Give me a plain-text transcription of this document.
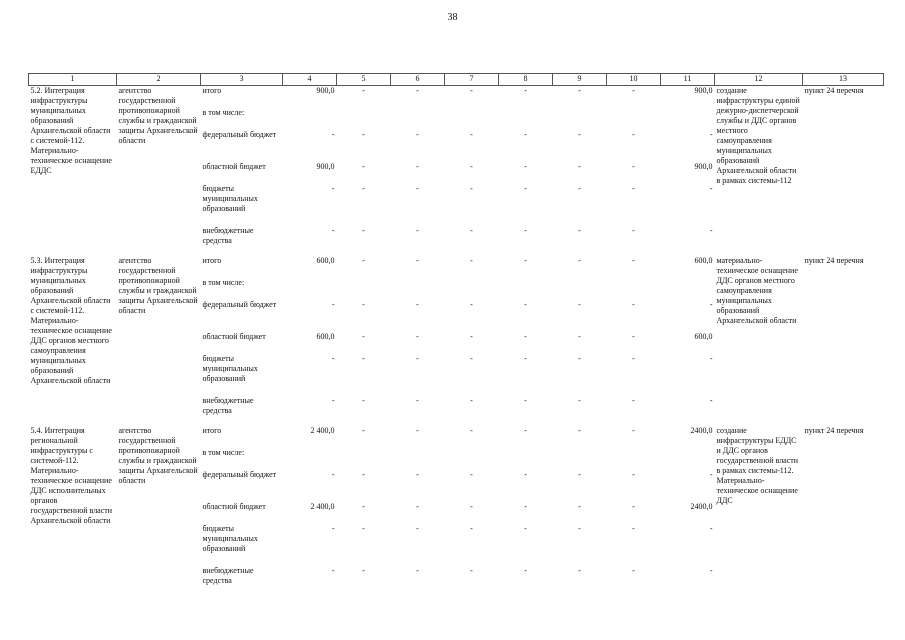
38
1	2	3	4	5	6	7	8	9	10	11	12	13
5.2. Интеграция инфраструктуры муниципальных образований Архангельской области с системой-112. Материально-техническое оснащение ЕДДС	агентство государственной противопожарной службы и гражданской защиты Архангельской области	итого	900,0	-	-	-	-	-	-	900,0	создание инфраструктуры единой дежурно-диспетчерской службы и ДДС органов местного самоуправления муниципальных образований Архангельской области в рамках системы-112	пункт 24 перечня
		в том числе:										
		федеральный бюджет	-	-	-	-	-	-	-	-		
		областной бюджет	900,0	-	-	-	-	-	-	900,0		
		бюджеты муниципальных образований	-	-	-	-	-	-	-	-		
		внебюджетные средства	-	-	-	-	-	-	-	-		

5.3. Интеграция инфраструктуры муниципальных образований Архангельской области с системой-112. Материально-техническое оснащение ДДС органов местного самоуправления муниципальных образований Архангельской области	агентство государственной противопожарной службы и гражданской защиты Архангельской области	итого	600,0	-	-	-	-	-	-	600,0	материально-техническое оснащение ДДС органов местного самоуправления муниципальных образований Архангельской области	пункт 24 перечня
		в том числе:										
		федеральный бюджет	-	-	-	-	-	-	-	-		
		областной бюджет	600,0	-	-	-	-	-	-	600,0		
		бюджеты муниципальных образований	-	-	-	-	-	-	-	-		
		внебюджетные средства	-	-	-	-	-	-	-	-		

5.4. Интеграция региональной инфраструктуры с системой-112. Материально-техническое оснащение ДДС исполнительных органов государственной власти Архангельской области	агентство государственной противопожарной службы и гражданской защиты Архангельской области	итого	2 400,0	-	-	-	-	-	-	2400,0	создание инфраструктуры ЕДДС и ДДС органов государственной власти в рамках системы-112. Материально-техническое оснащение ДДС	пункт 24 перечня
		в том числе:										
		федеральный бюджет	-	-	-	-	-	-	-	-		
		областной бюджет	2 400,0	-	-	-	-	-	-	2400,0		
		бюджеты муниципальных образований	-	-	-	-	-	-	-	-		
		внебюджетные средства	-	-	-	-	-	-	-	-		
